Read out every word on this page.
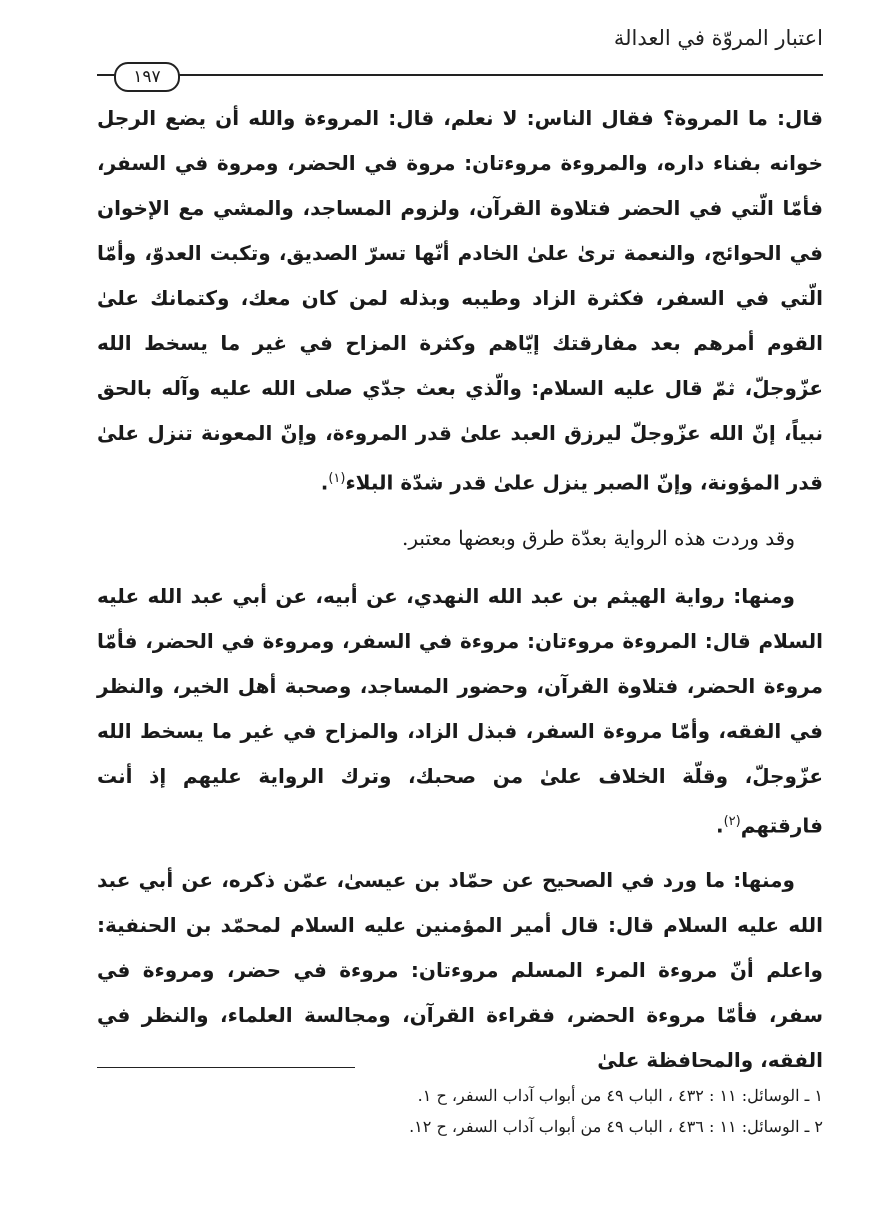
اعتبار المروّة في العدالة
١٩٧

قال: ما المروة؟ فقال الناس: لا نعلم، قال: المروءة والله أن يضع الرجل خوانه بفناء داره، والمروءة مروءتان: مروة في الحضر، ومروة في السفر، فأمّا الّتي في الحضر فتلاوة القرآن، ولزوم المساجد، والمشي مع الإخوان في الحوائج، والنعمة ترىٰ علىٰ الخادم أنّها تسرّ الصديق، وتكبت العدوّ، وأمّا الّتي في السفر، فكثرة الزاد وطيبه وبذله لمن كان معك، وكتمانك علىٰ القوم أمرهم بعد مفارقتك إيّاهم وكثرة المزاح في غير ما يسخط الله عزّوجلّ، ثمّ قال عليه السلام: والّذي بعث جدّي صلى الله عليه وآله بالحق نبياً، إنّ الله عزّوجلّ ليرزق العبد علىٰ قدر المروءة، وإنّ المعونة تنزل علىٰ قدر المؤونة، وإنّ الصبر ينزل علىٰ قدر شدّة البلاء$^{(١)}$.

وقد وردت هذه الرواية بعدّة طرق وبعضها معتبر.

ومنها: رواية الهيثم بن عبد الله النهدي، عن أبيه، عن أبي عبد الله عليه السلام قال: المروءة مروءتان: مروءة في السفر، ومروءة في الحضر، فأمّا مروءة الحضر، فتلاوة القرآن، وحضور المساجد، وصحبة أهل الخير، والنظر في الفقه، وأمّا مروءة السفر، فبذل الزاد، والمزاح في غير ما يسخط الله عزّوجلّ، وقلّة الخلاف علىٰ من صحبك، وترك الرواية عليهم إذ أنت فارقتهم$^{(٢)}$.

ومنها: ما ورد في الصحيح عن حمّاد بن عيسىٰ، عمّن ذكره، عن أبي عبد الله عليه السلام قال: قال أمير المؤمنين عليه السلام لمحمّد بن الحنفية: واعلم أنّ مروءة المرء المسلم مروءتان: مروءة في حضر، ومروءة في سفر، فأمّا مروءة الحضر، فقراءة القرآن، ومجالسة العلماء، والنظر في الفقه، والمحافظة علىٰ

١ ـ الوسائل: ١١ : ٤٣٢ ، الباب ٤٩ من أبواب آداب السفر، ح ١.

٢ ـ الوسائل: ١١ : ٤٣٦ ، الباب ٤٩ من أبواب آداب السفر، ح ١٢.
